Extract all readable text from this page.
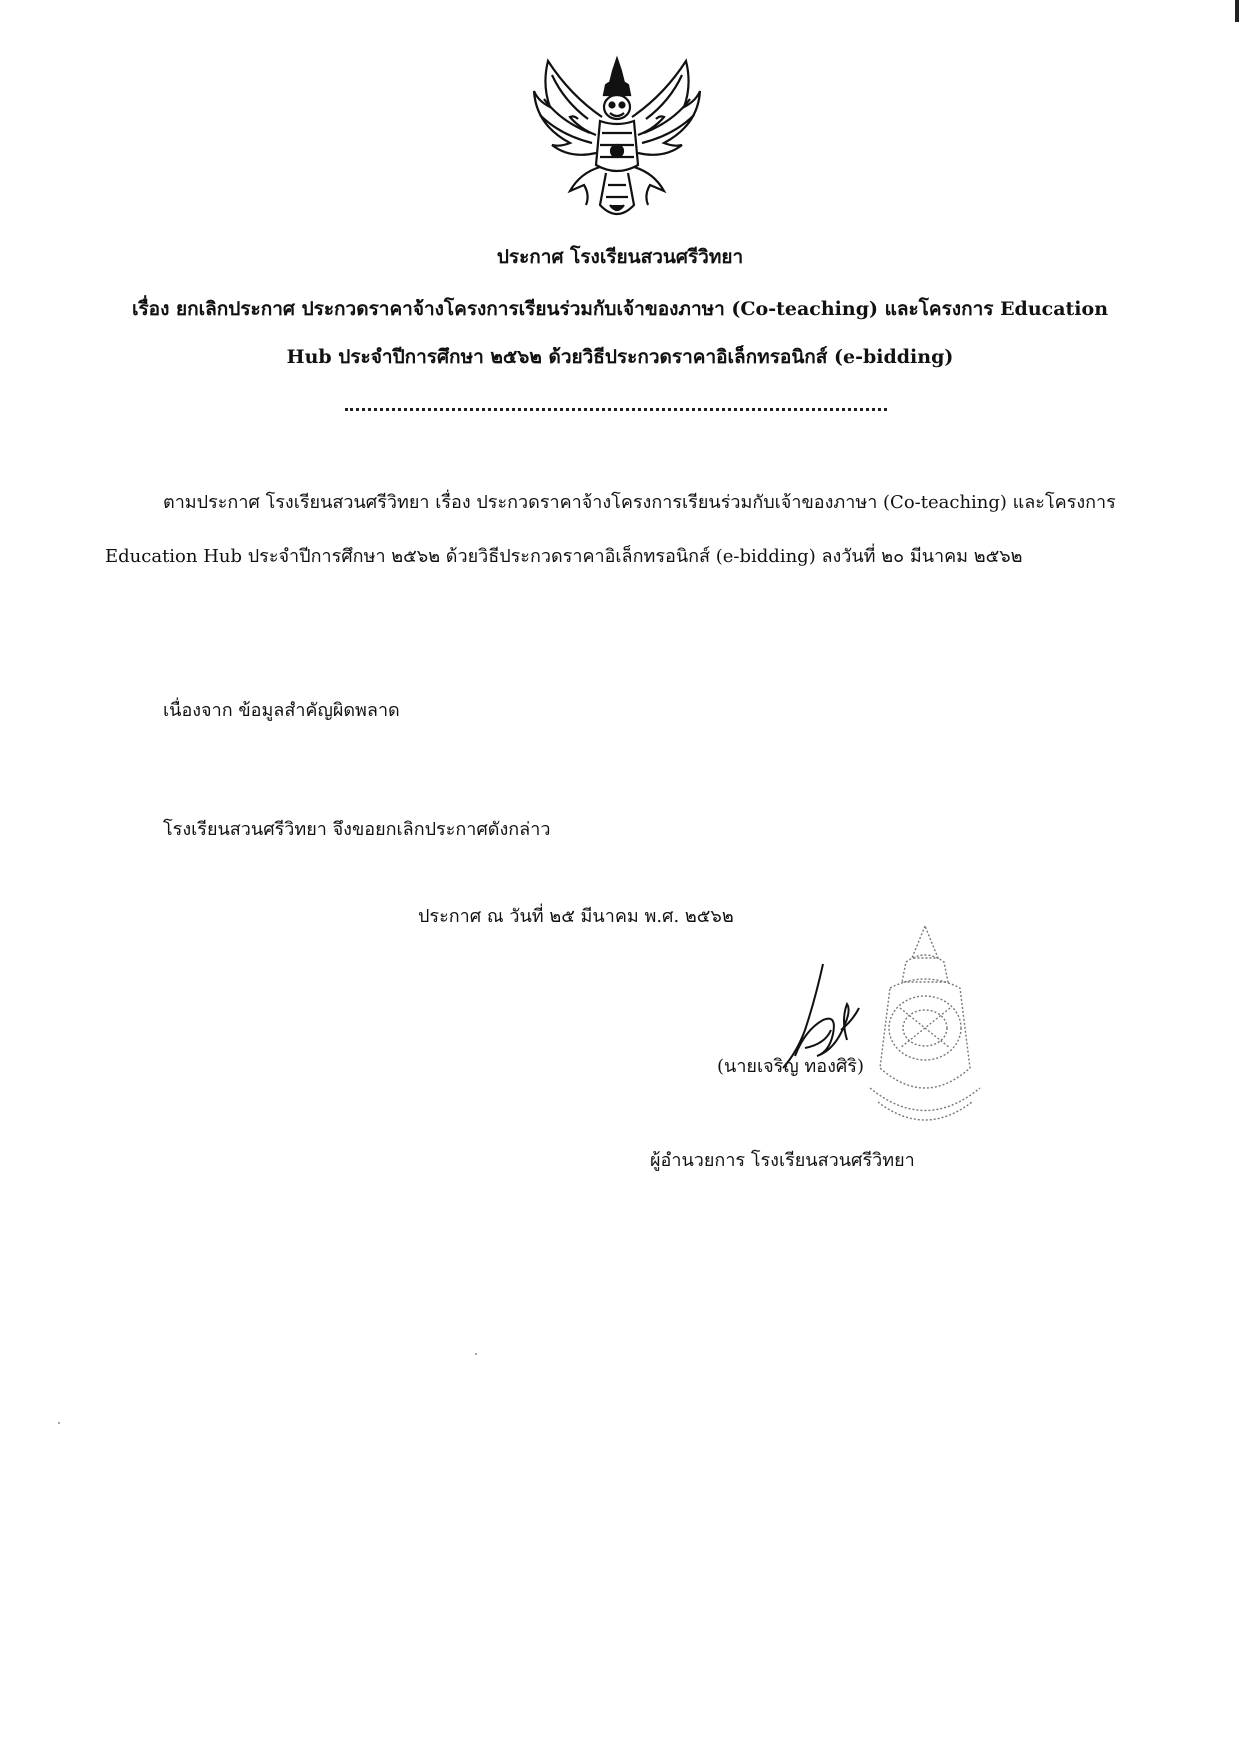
ประกาศ โรงเรียนสวนศรีวิทยา
เรื่อง ยกเลิกประกาศ ประกวดราคาจ้างโครงการเรียนร่วมกับเจ้าของภาษา (Co-teaching) และโครงการ Education
Hub ประจำปีการศึกษา ๒๕๖๒ ด้วยวิธีประกวดราคาอิเล็กทรอนิกส์ (e-bidding)
ตามประกาศ โรงเรียนสวนศรีวิทยา เรื่อง ประกวดราคาจ้างโครงการเรียนร่วมกับเจ้าของภาษา (Co-teaching) และโครงการ Education Hub ประจำปีการศึกษา ๒๕๖๒ ด้วยวิธีประกวดราคาอิเล็กทรอนิกส์ (e-bidding) ลงวันที่ ๒๐ มีนาคม ๒๕๖๒
เนื่องจาก ข้อมูลสำคัญผิดพลาด
โรงเรียนสวนศรีวิทยา จึงขอยกเลิกประกาศดังกล่าว
ประกาศ ณ วันที่ ๒๕ มีนาคม พ.ศ. ๒๕๖๒
(นายเจริญ ทองศิริ)
ผู้อำนวยการ โรงเรียนสวนศรีวิทยา
